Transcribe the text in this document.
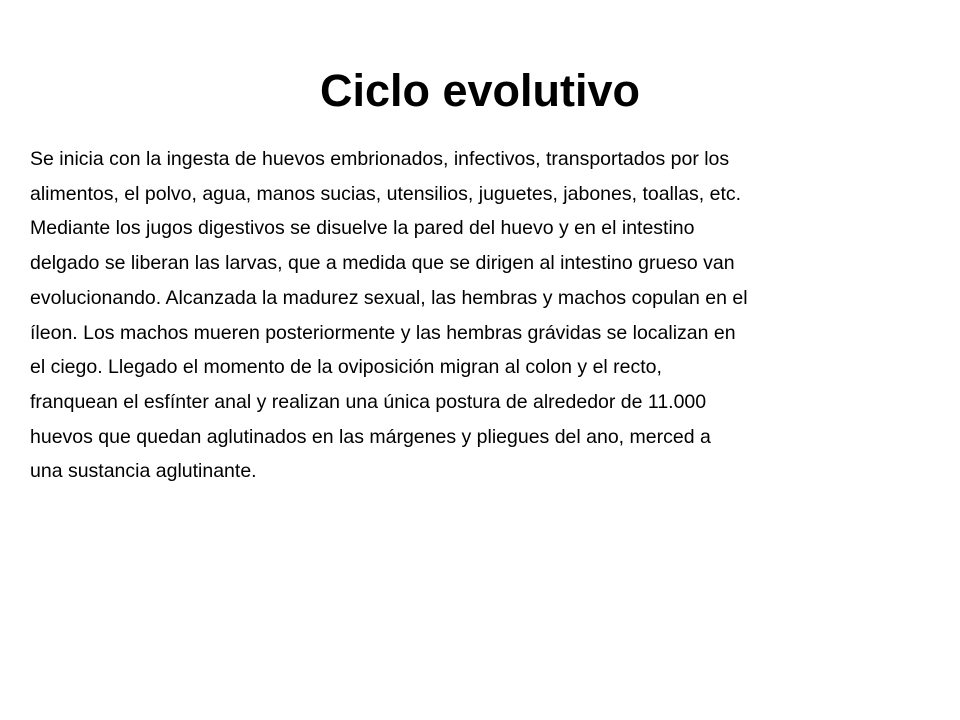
Ciclo evolutivo
Se inicia con la ingesta de huevos embrionados, infectivos, transportados por los
alimentos, el polvo, agua, manos sucias, utensilios, juguetes, jabones, toallas, etc.
Mediante los jugos digestivos se disuelve la pared del huevo y en el intestino
delgado se liberan las larvas, que a medida que se dirigen al intestino grueso van
evolucionando. Alcanzada la madurez sexual, las hembras y machos copulan en el
íleon. Los machos mueren posteriormente y las hembras grávidas se localizan en
el ciego. Llegado el momento de la oviposición migran al colon y el recto,
franquean el esfínter anal y realizan una única postura de alrededor de 11.000
huevos que quedan aglutinados en las márgenes y pliegues del ano, merced a
una sustancia aglutinante.
